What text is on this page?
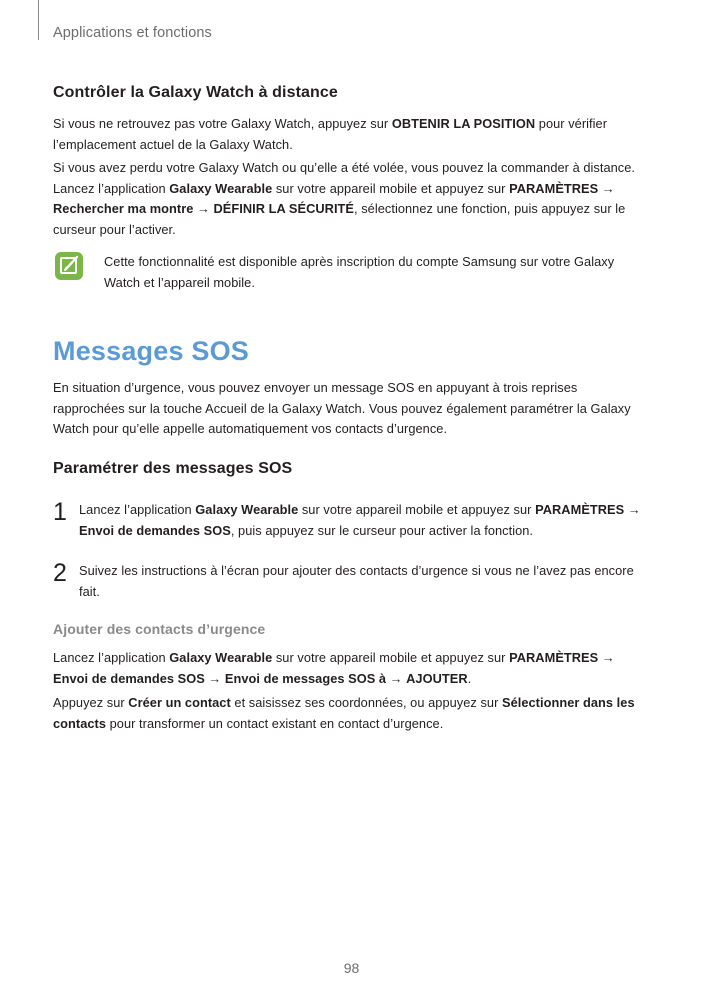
Applications et fonctions
Contrôler la Galaxy Watch à distance

Si vous ne retrouvez pas votre Galaxy Watch, appuyez sur OBTENIR LA POSITION pour vérifier l’emplacement actuel de la Galaxy Watch.

Si vous avez perdu votre Galaxy Watch ou qu’elle a été volée, vous pouvez la commander à distance. Lancez l’application Galaxy Wearable sur votre appareil mobile et appuyez sur PARAMÈTRES → Rechercher ma montre → DÉFINIR LA SÉCURITÉ, sélectionnez une fonction, puis appuyez sur le curseur pour l’activer.

Cette fonctionnalité est disponible après inscription du compte Samsung sur votre Galaxy Watch et l’appareil mobile.

Messages SOS

En situation d’urgence, vous pouvez envoyer un message SOS en appuyant à trois reprises rapprochées sur la touche Accueil de la Galaxy Watch. Vous pouvez également paramétrer la Galaxy Watch pour qu’elle appelle automatiquement vos contacts d’urgence.

Paramétrer des messages SOS
1 Lancez l’application Galaxy Wearable sur votre appareil mobile et appuyez sur PARAMÈTRES → Envoi de demandes SOS, puis appuyez sur le curseur pour activer la fonction.

2 Suivez les instructions à l’écran pour ajouter des contacts d’urgence si vous ne l’avez pas encore fait.

Ajouter des contacts d’urgence

Lancez l’application Galaxy Wearable sur votre appareil mobile et appuyez sur PARAMÈTRES → Envoi de demandes SOS → Envoi de messages SOS à → AJOUTER.

Appuyez sur Créer un contact et saisissez ses coordonnées, ou appuyez sur Sélectionner dans les contacts pour transformer un contact existant en contact d’urgence.

98
